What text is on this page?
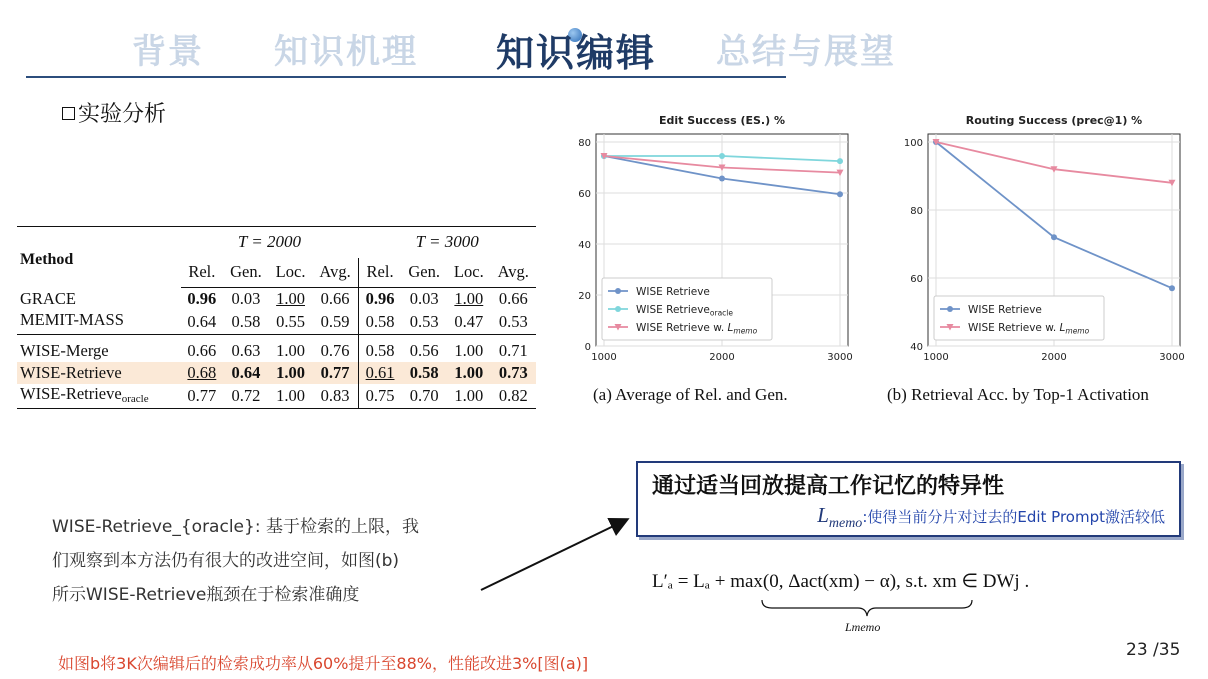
背景 知识机理 知识编辑 总结与展望
实验分析
Method	T = 2000				T = 3000			
	Rel.	Gen.	Loc.	Avg.	Rel.	Gen.	Loc.	Avg.
GRACE	0.96	0.03	1.00	0.66	0.96	0.03	1.00	0.66
MEMIT-MASS	0.64	0.58	0.55	0.59	0.58	0.53	0.47	0.53
WISE-Merge	0.66	0.63	1.00	0.76	0.58	0.56	1.00	0.71
WISE-Retrieve	0.68	0.64	1.00	0.77	0.61	0.58	1.00	0.73
WISE-Retrieve$_{oracle}$	0.77	0.72	1.00	0.83	0.75	0.70	1.00	0.82
Edit Success (ES.) %
0
20
40
60
80
1000	2000	3000
WISE Retrieve
WISE Retrieve$_{oracle}$
WISE Retrieve w. $L_{memo}$
(a) Average of Rel. and Gen.
Routing Success (prec@1) %
40
60
80
100
1000	2000	3000
WISE Retrieve
WISE Retrieve w. $L_{memo}$
(b) Retrieval Acc. by Top-1 Activation
通过适当回放提高工作记忆的特异性
$L_{memo}$:使得当前分片对过去的Edit Prompt激活较低

WISE-Retrieve_{oracle}: 基于检索的上限，我

们观察到本方法仍有很大的改进空间，如图(b)

所示WISE-Retrieve瓶颈在于检索准确度

L′ₐ = Lₐ + max(0, Δact(xm) − α), s.t. xm ∈ DWj .
Lmemo
如图b将3K次编辑后的检索成功率从60%提升至88%，性能改进3%[图(a)]
23 /35
